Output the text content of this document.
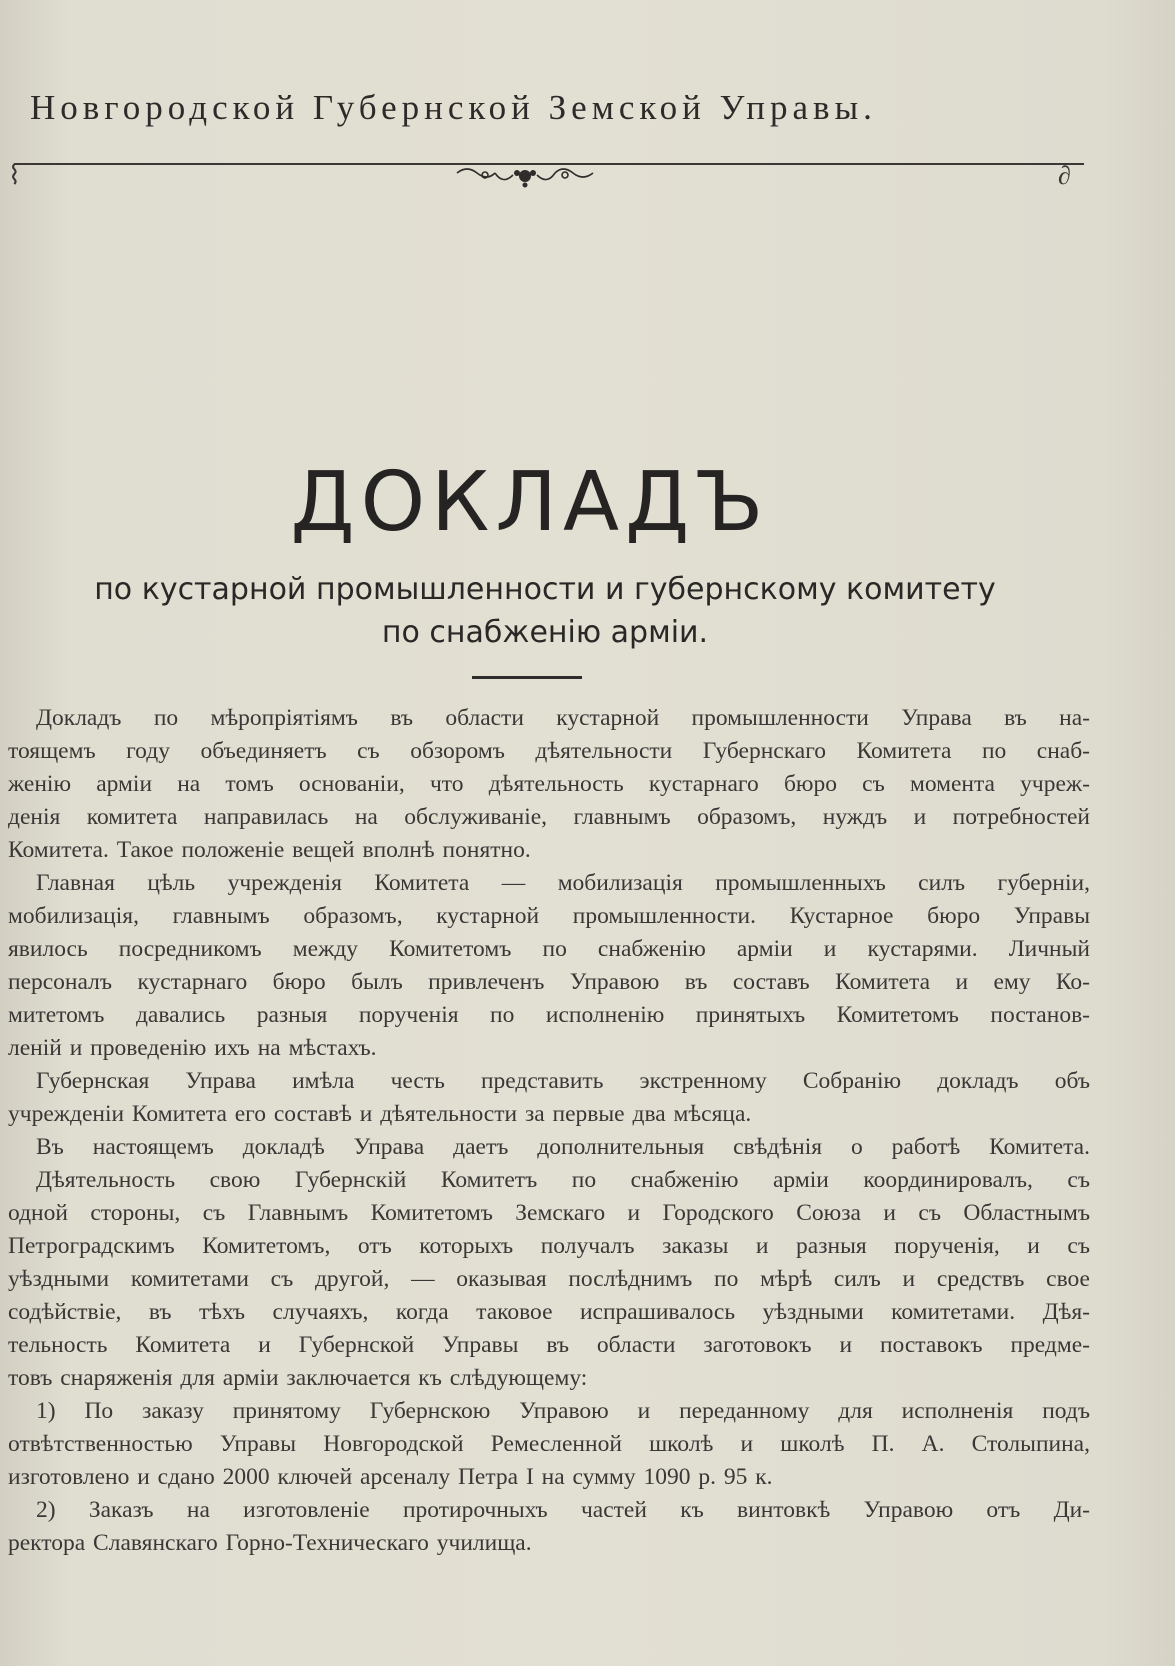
Новгородской Губернской Земской Управы.
⌇	∂
ДОКЛАДЪ
по кустарной промышленности и губернскому комитету
по снабженію арміи.
Докладъ по мѣропріятіямъ въ области кустарной промышленности Управа въ на-
тоящемъ году объединяетъ съ обзоромъ дѣятельности Губернскаго Комитета по снаб-
женію арміи на томъ основаніи, что дѣятельность кустарнаго бюро съ момента учреж-
денія комитета направилась на обслуживаніе, главнымъ образомъ, нуждъ и потребностей
Комитета. Такое положеніе вещей вполнѣ понятно.
Главная цѣль учрежденія Комитета — мобилизація промышленныхъ силъ губерніи,
мобилизація, главнымъ образомъ, кустарной промышленности. Кустарное бюро Управы
явилось посредникомъ между Комитетомъ по снабженію арміи и кустарями. Личный
персоналъ кустарнаго бюро былъ привлеченъ Управою въ составъ Комитета и ему Ко-
митетомъ давались разныя порученія по исполненію принятыхъ Комитетомъ постанов-
леній и проведенію ихъ на мѣстахъ.
Губернская Управа имѣла честь представить экстренному Собранію докладъ объ
учрежденіи Комитета его составѣ и дѣятельности за первые два мѣсяца.
Въ настоящемъ докладѣ Управа даетъ дополнительныя свѣдѣнія о работѣ Комитета.
Дѣятельность свою Губернскій Комитетъ по снабженію арміи координировалъ, съ
одной стороны, съ Главнымъ Комитетомъ Земскаго и Городского Союза и съ Областнымъ
Петроградскимъ Комитетомъ, отъ которыхъ получалъ заказы и разныя порученія, и съ
уѣздными комитетами съ другой, — оказывая послѣднимъ по мѣрѣ силъ и средствъ свое
содѣйствіе, въ тѣхъ случаяхъ, когда таковое испрашивалось уѣздными комитетами. Дѣя-
тельность Комитета и Губернской Управы въ области заготовокъ и поставокъ предме-
товъ снаряженія для арміи заключается къ слѣдующему:
1) По заказу принятому Губернскою Управою и переданному для исполненія подъ
отвѣтственностью Управы Новгородской Ремесленной школѣ и школѣ П. А. Столыпина,
изготовлено и сдано 2000 ключей арсеналу Петра I на сумму 1090 р. 95 к.
2) Заказъ на изготовленіе протирочныхъ частей къ винтовкѣ Управою отъ Ди-
ректора Славянскаго Горно-Техническаго училища.
